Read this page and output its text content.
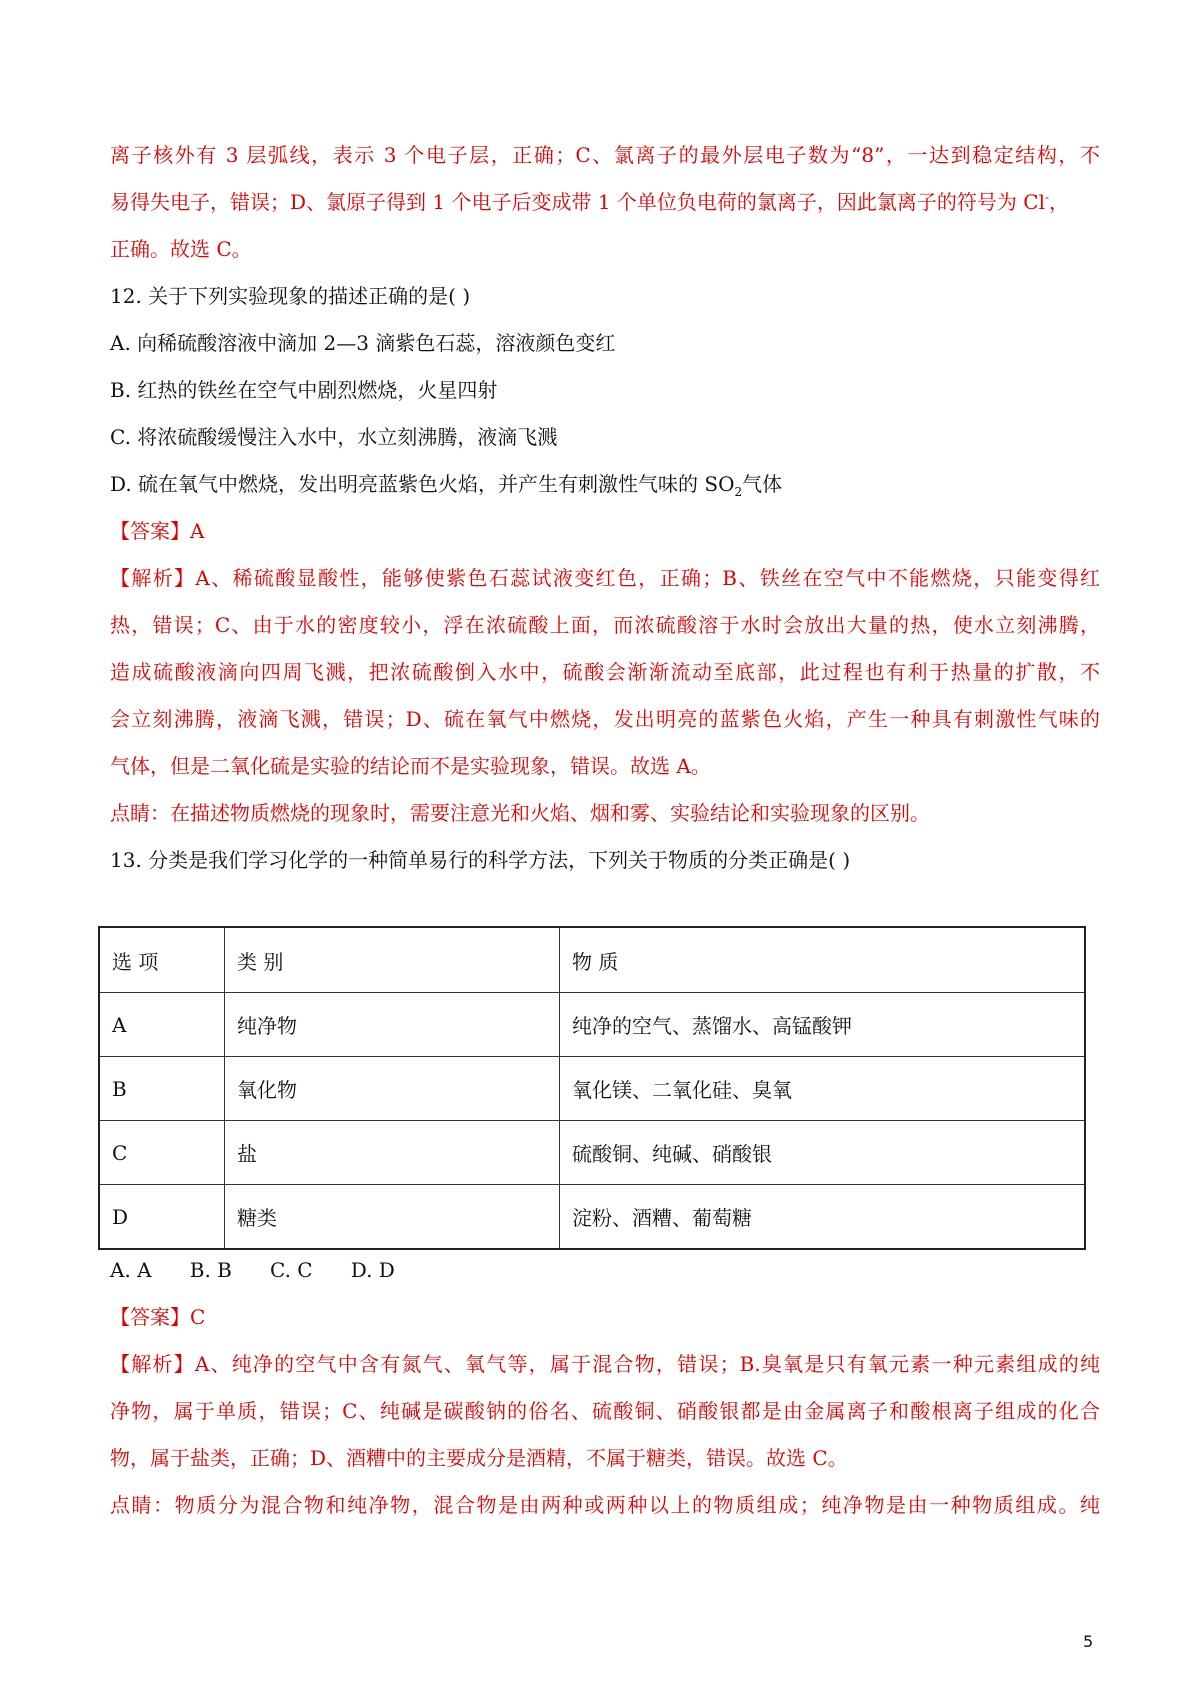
离子核外有 3 层弧线，表示 3 个电子层，正确；C、氯离子的最外层电子数为“8”，一达到稳定结构，不
易得失电子，错误；D、氯原子得到 1 个电子后变成带 1 个单位负电荷的氯离子，因此氯离子的符号为 Cl-，
正确。故选 C。
12. 关于下列实验现象的描述正确的是( )
A. 向稀硫酸溶液中滴加 2—3 滴紫色石蕊，溶液颜色变红
B. 红热的铁丝在空气中剧烈燃烧，火星四射
C. 将浓硫酸缓慢注入水中，水立刻沸腾，液滴飞溅
D. 硫在氧气中燃烧，发出明亮蓝紫色火焰，并产生有刺激性气味的 $SO_2$气体
【答案】A
【解析】A、稀硫酸显酸性，能够使紫色石蕊试液变红色，正确；B、铁丝在空气中不能燃烧，只能变得红
热，错误；C、由于水的密度较小，浮在浓硫酸上面，而浓硫酸溶于水时会放出大量的热，使水立刻沸腾，
造成硫酸液滴向四周飞溅，把浓硫酸倒入水中，硫酸会渐渐流动至底部，此过程也有利于热量的扩散，不
会立刻沸腾，液滴飞溅，错误；D、硫在氧气中燃烧，发出明亮的蓝紫色火焰，产生一种具有刺激性气味的
气体，但是二氧化硫是实验的结论而不是实验现象，错误。故选 A。
点睛：在描述物质燃烧的现象时，需要注意光和火焰、烟和雾、实验结论和实验现象的区别。
13. 分类是我们学习化学的一种简单易行的科学方法，下列关于物质的分类正确是( )
选 项	类 别	物 质
A	纯净物	纯净的空气、蒸馏水、高锰酸钾
B	氧化物	氧化镁、二氧化硅、臭氧
C	盐	硫酸铜、纯碱、硝酸银
D	糖类	淀粉、酒糟、葡萄糖
A. A      B. B      C. C      D. D
【答案】C
【解析】A、纯净的空气中含有氮气、氧气等，属于混合物，错误；B.臭氧是只有氧元素一种元素组成的纯
净物，属于单质，错误；C、纯碱是碳酸钠的俗名、硫酸铜、硝酸银都是由金属离子和酸根离子组成的化合
物，属于盐类，正确；D、酒糟中的主要成分是酒精，不属于糖类，错误。故选 C。
点睛：物质分为混合物和纯净物，混合物是由两种或两种以上的物质组成；纯净物是由一种物质组成。纯
5
